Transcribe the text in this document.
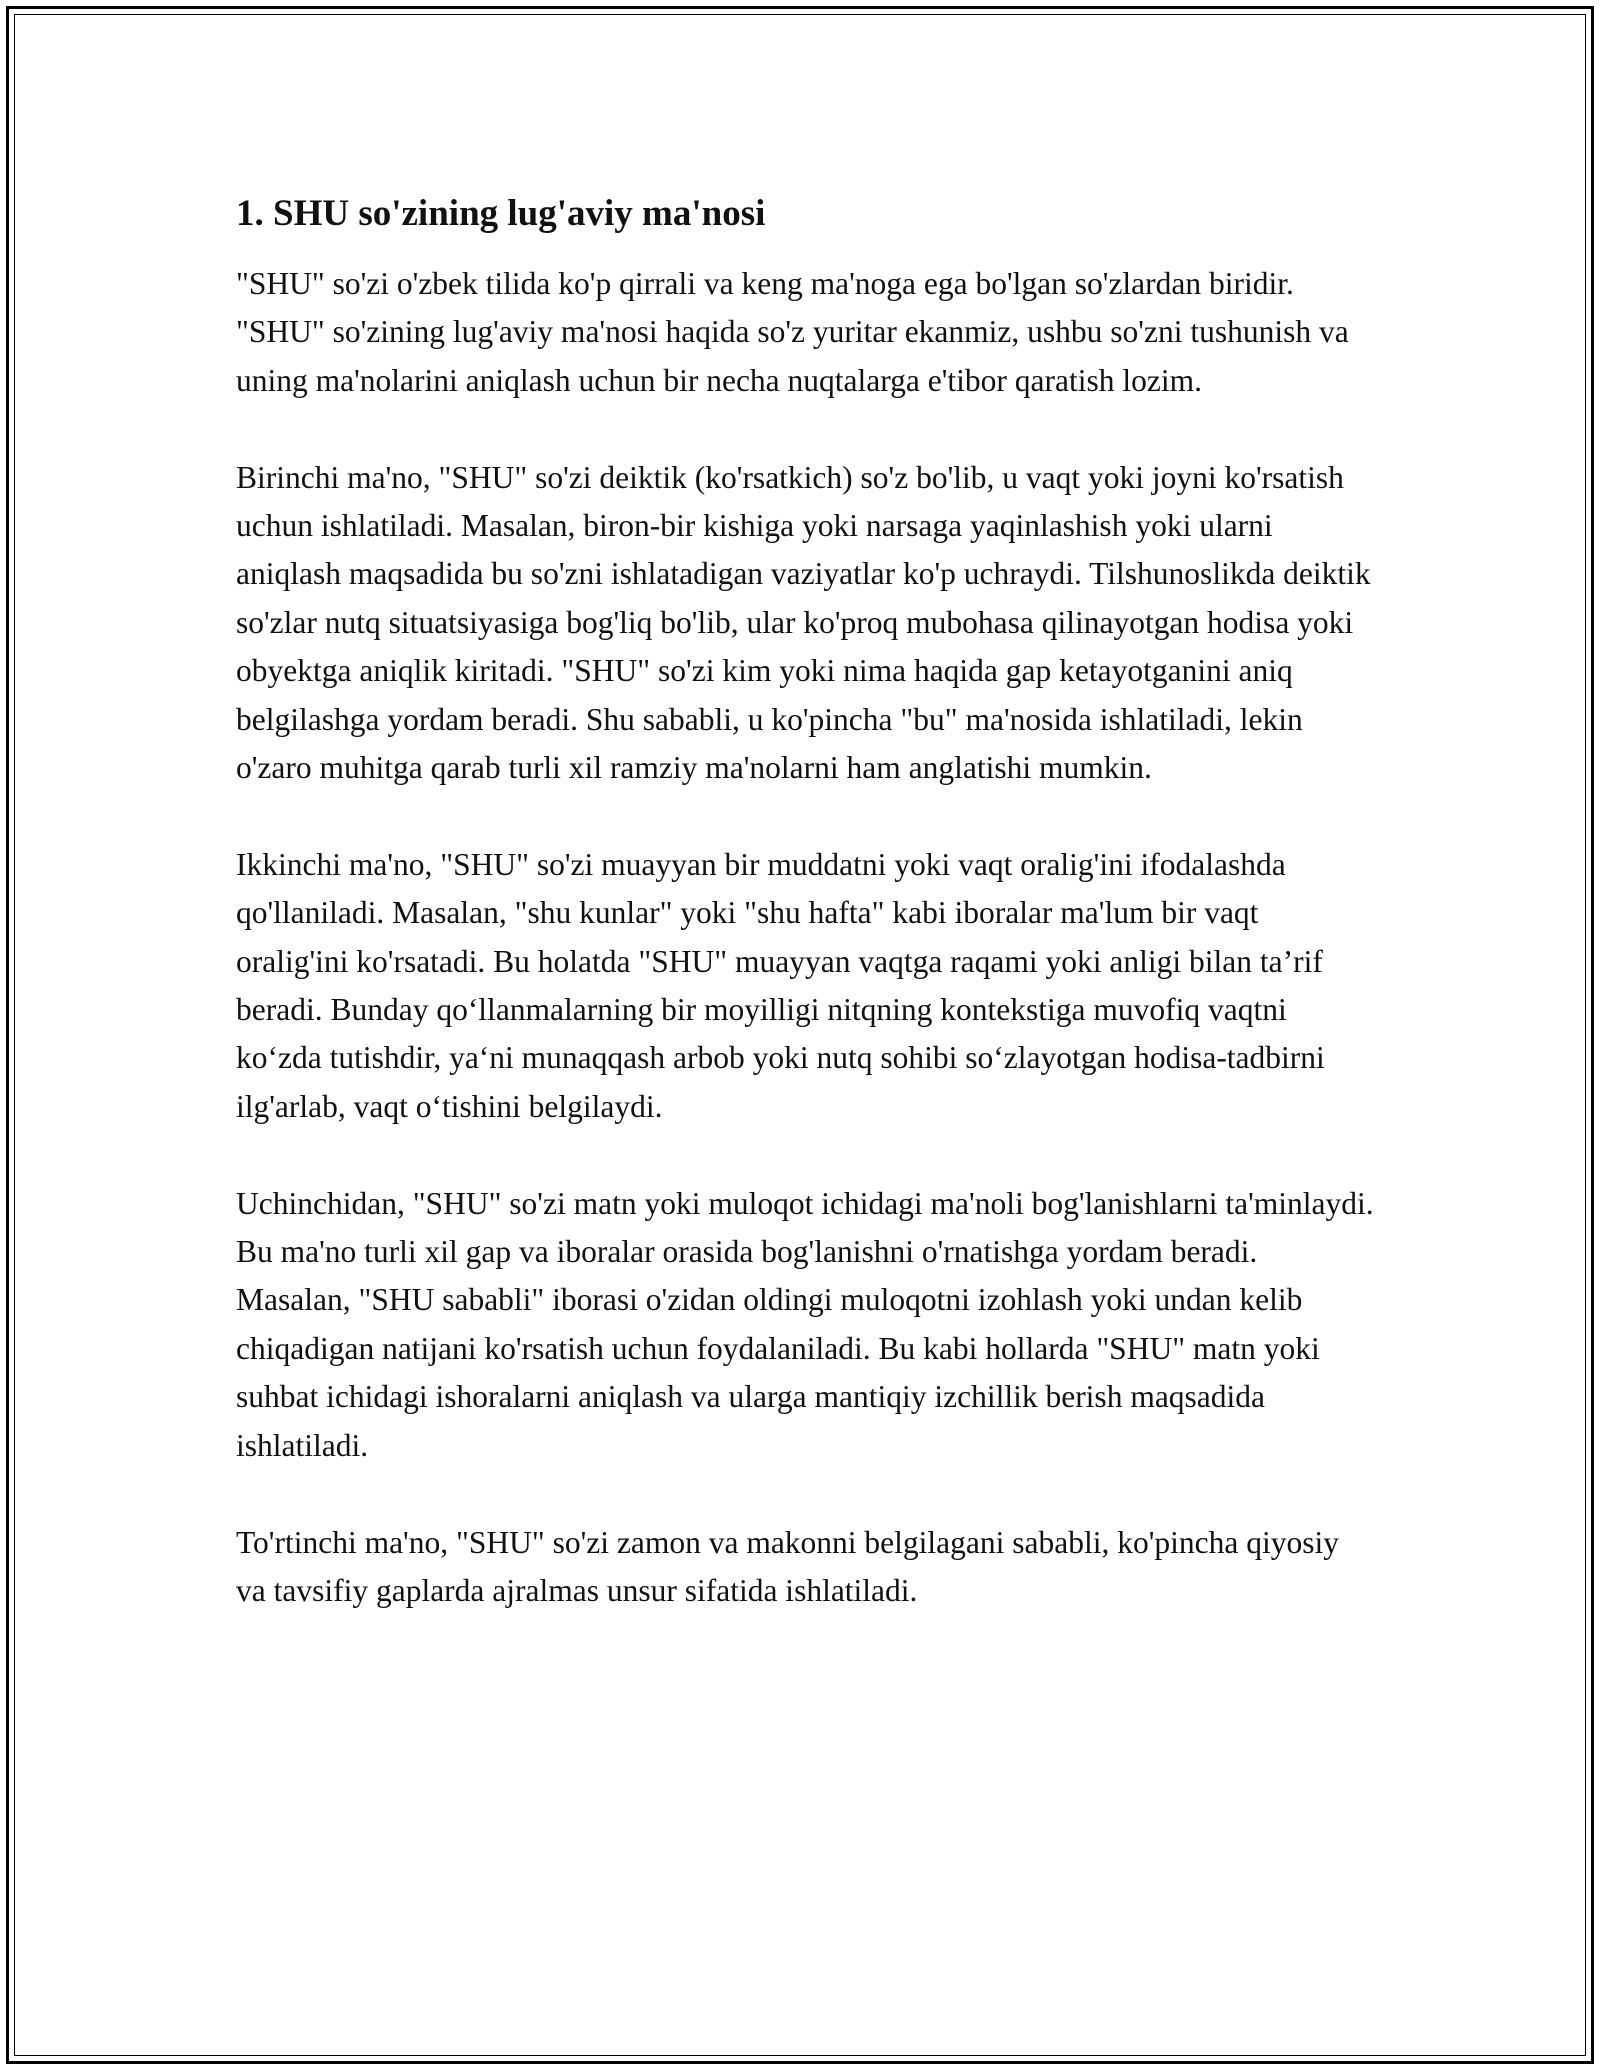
1. SHU so'zining lug'aviy ma'nosi

"SHU" so'zi o'zbek tilida ko'p qirrali va keng ma'noga ega bo'lgan so'zlardan biridir. "SHU" so'zining lug'aviy ma'nosi haqida so'z yuritar ekanmiz, ushbu so'zni tushunish va uning ma'nolarini aniqlash uchun bir necha nuqtalarga e'tibor qaratish lozim.

Birinchi ma'no, "SHU" so'zi deiktik (ko'rsatkich) so'z bo'lib, u vaqt yoki joyni ko'rsatish uchun ishlatiladi. Masalan, biron-bir kishiga yoki narsaga yaqinlashish yoki ularni aniqlash maqsadida bu so'zni ishlatadigan vaziyatlar ko'p uchraydi. Tilshunoslikda deiktik so'zlar nutq situatsiyasiga bog'liq bo'lib, ular ko'proq mubohasa qilinayotgan hodisa yoki obyektga aniqlik kiritadi. "SHU" so'zi kim yoki nima haqida gap ketayotganini aniq belgilashga yordam beradi. Shu sababli, u ko'pincha "bu" ma'nosida ishlatiladi, lekin o'zaro muhitga qarab turli xil ramziy ma'nolarni ham anglatishi mumkin.

Ikkinchi ma'no, "SHU" so'zi muayyan bir muddatni yoki vaqt oralig'ini ifodalashda qo'llaniladi. Masalan, "shu kunlar" yoki "shu hafta" kabi iboralar ma'lum bir vaqt oralig'ini ko'rsatadi. Bu holatda "SHU" muayyan vaqtga raqami yoki anligi bilan ta’rif beradi. Bunday qo‘llanmalarning bir moyilligi nitqning kontekstiga muvofiq vaqtni ko‘zda tutishdir, ya‘ni munaqqash arbob yoki nutq sohibi so‘zlayotgan hodisa-tadbirni ilg'arlab, vaqt o‘tishini belgilaydi.

Uchinchidan, "SHU" so'zi matn yoki muloqot ichidagi ma'noli bog'lanishlarni ta'minlaydi. Bu ma'no turli xil gap va iboralar orasida bog'lanishni o'rnatishga yordam beradi. Masalan, "SHU sababli" iborasi o'zidan oldingi muloqotni izohlash yoki undan kelib chiqadigan natijani ko'rsatish uchun foydalaniladi. Bu kabi hollarda "SHU" matn yoki suhbat ichidagi ishoralarni aniqlash va ularga mantiqiy izchillik berish maqsadida ishlatiladi.

To'rtinchi ma'no, "SHU" so'zi zamon va makonni belgilagani sababli, ko'pincha qiyosiy va tavsifiy gaplarda ajralmas unsur sifatida ishlatiladi.
